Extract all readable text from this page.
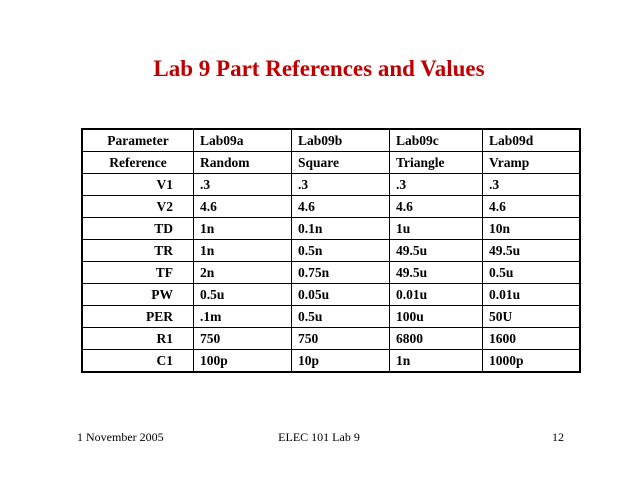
Lab 9 Part References and Values
Parameter	Lab09a	Lab09b	Lab09c	Lab09d
Reference	Random	Square	Triangle	Vramp
V1	.3	.3	.3	.3
V2	4.6	4.6	4.6	4.6
TD	1n	0.1n	1u	10n
TR	1n	0.5n	49.5u	49.5u
TF	2n	0.75n	49.5u	0.5u
PW	0.5u	0.05u	0.01u	0.01u
PER	.1m	0.5u	100u	50U
R1	750	750	6800	1600
C1	100p	10p	1n	1000p
1 November 2005	ELEC 101 Lab 9	12
